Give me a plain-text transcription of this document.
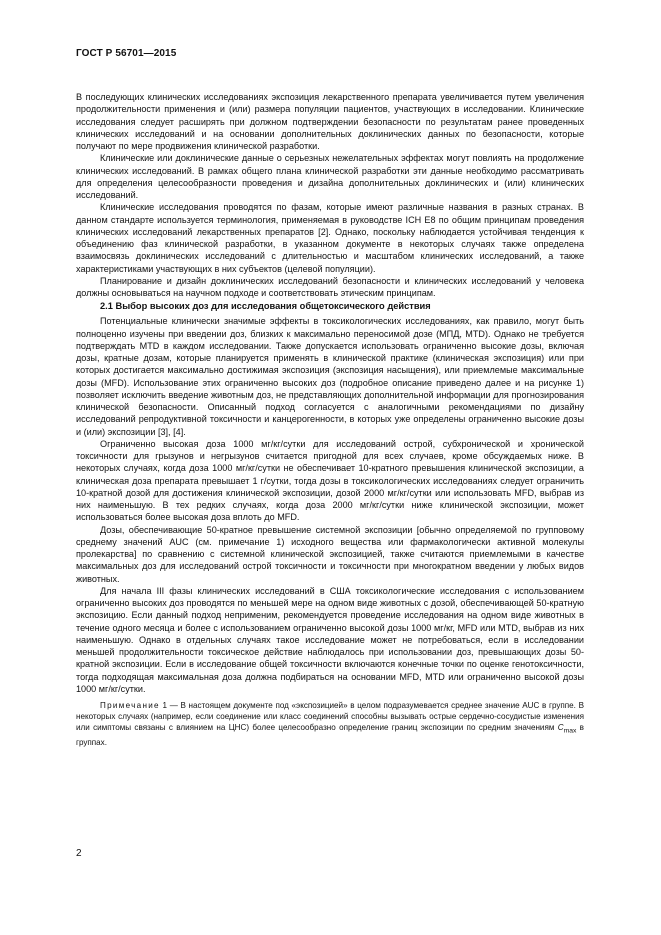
ГОСТ Р 56701—2015

В последующих клинических исследованиях экспозиция лекарственного препарата увеличивается путем увеличения продолжительности применения и (или) размера популяции пациентов, участвующих в исследовании. Клинические исследования следует расширять при должном подтверждении безопасности по результатам ранее проведенных клинических исследований и на основании дополнительных доклинических данных по безопасности, которые получают по мере продвижения клинической разработки.

Клинические или доклинические данные о серьезных нежелательных эффектах могут повлиять на продолжение клинических исследований. В рамках общего плана клинической разработки эти данные необходимо рассматривать для определения целесообразности проведения и дизайна дополнительных доклинических и (или) клинических исследований.

Клинические исследования проводятся по фазам, которые имеют различные названия в разных странах. В данном стандарте используется терминология, применяемая в руководстве ICH E8 по общим принципам проведения клинических исследований лекарственных препаратов [2]. Однако, поскольку наблюдается устойчивая тенденция к объединению фаз клинической разработки, в указанном документе в некоторых случаях также определена взаимосвязь доклинических исследований с длительностью и масштабом клинических исследований, а также характеристиками участвующих в них субъектов (целевой популяции).

Планирование и дизайн доклинических исследований безопасности и клинических исследований у человека должны основываться на научном подходе и соответствовать этическим принципам.

2.1 Выбор высоких доз для исследования общетоксического действия

Потенциальные клинически значимые эффекты в токсикологических исследованиях, как правило, могут быть полноценно изучены при введении доз, близких к максимально переносимой дозе (МПД, MTD). Однако не требуется подтверждать MTD в каждом исследовании. Также допускается использовать ограниченно высокие дозы, включая дозы, кратные дозам, которые планируется применять в клинической практике (клиническая экспозиция) или при которых достигается максимально достижимая экспозиция (экспозиция насыщения), или приемлемые максимальные дозы (MFD). Использование этих ограниченно высоких доз (подробное описание приведено далее и на рисунке 1) позволяет исключить введение животным доз, не представляющих дополнительной информации для прогнозирования клинической безопасности. Описанный подход согласуется с аналогичными рекомендациями по дизайну исследований репродуктивной токсичности и канцерогенности, в которых уже определены ограниченно высокие дозы и (или) экспозиции [3], [4].

Ограниченно высокая доза 1000 мг/кг/сутки для исследований острой, субхронической и хронической токсичности для грызунов и негрызунов считается пригодной для всех случаев, кроме обсуждаемых ниже. В некоторых случаях, когда доза 1000 мг/кг/сутки не обеспечивает 10-кратного превышения клинической экспозиции, а клиническая доза препарата превышает 1 г/сутки, тогда дозы в токсикологических исследованиях следует ограничить 10-кратной дозой для достижения клинической экспозиции, дозой 2000 мг/кг/сутки или использовать MFD, выбрав из них наименьшую. В тех редких случаях, когда доза 2000 мг/кг/сутки ниже клинической экспозиции, может использоваться более высокая доза вплоть до MFD.

Дозы, обеспечивающие 50-кратное превышение системной экспозиции [обычно определяемой по групповому среднему значений AUC (см. примечание 1) исходного вещества или фармакологически активной молекулы пролекарства] по сравнению с системной клинической экспозицией, также считаются приемлемыми в качестве максимальных доз для исследований острой токсичности и токсичности при многократном введении у любых видов животных.

Для начала III фазы клинических исследований в США токсикологические исследования с использованием ограниченно высоких доз проводятся по меньшей мере на одном виде животных с дозой, обеспечивающей 50-кратную экспозицию. Если данный подход неприменим, рекомендуется проведение исследования на одном виде животных в течение одного месяца и более с использованием ограниченно высокой дозы 1000 мг/кг, MFD или MTD, выбрав из них наименьшую. Однако в отдельных случаях такое исследование может не потребоваться, если в исследовании меньшей продолжительности токсическое действие наблюдалось при использовании доз, превышающих дозы 50-кратной экспозиции. Если в исследование общей токсичности включаются конечные точки по оценке генотоксичности, тогда подходящая максимальная доза должна подбираться на основании MFD, MTD или ограниченно высокой дозы 1000 мг/кг/сутки.

Примечание 1 — В настоящем документе под «экспозицией» в целом подразумевается среднее значение AUC в группе. В некоторых случаях (например, если соединение или класс соединений способны вызывать острые сердечно-сосудистые изменения или симптомы связаны с влиянием на ЦНС) более целесообразно определение границ экспозиции по средним значениям $C_{max}$ в группах.

2
